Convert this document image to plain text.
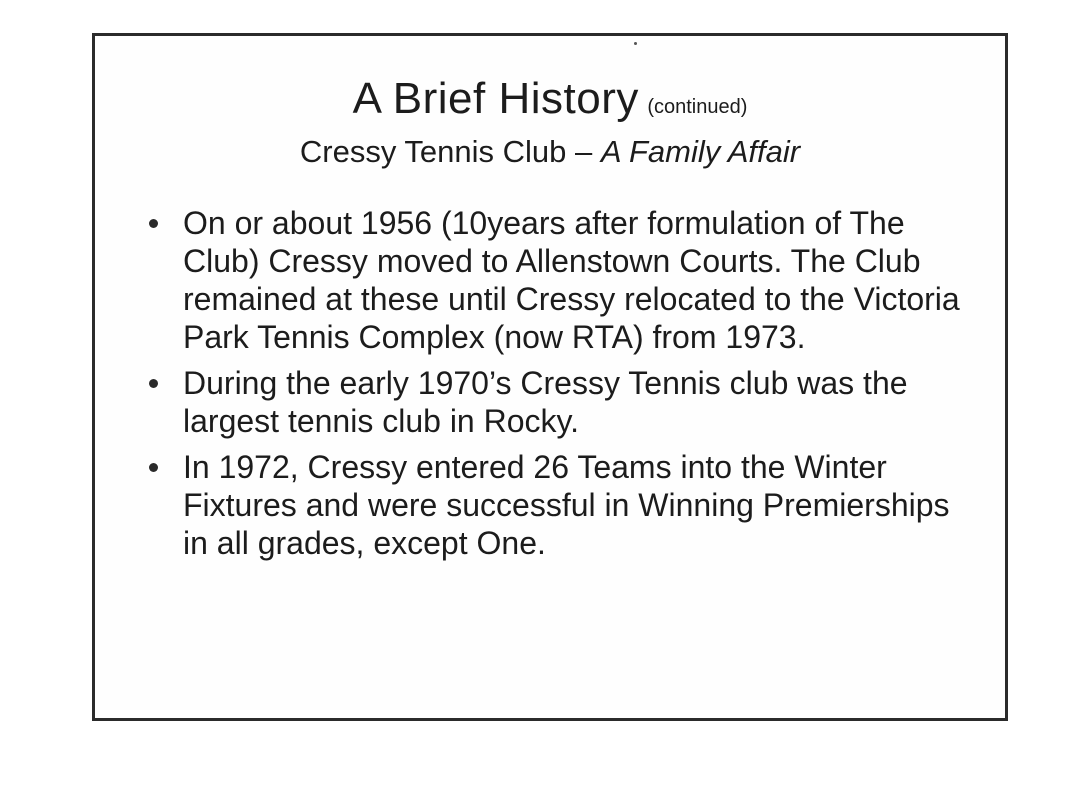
A Brief History (continued)
Cressy Tennis Club – A Family Affair
On or about 1956 (10years after formulation of The Club) Cressy moved to Allenstown Courts. The Club remained at these until Cressy relocated to the Victoria Park Tennis Complex (now RTA) from 1973.
During the early 1970’s Cressy Tennis club was the largest tennis club in Rocky.
In 1972, Cressy entered 26 Teams into the Winter Fixtures and were successful in Winning Premierships in all grades, except One.
